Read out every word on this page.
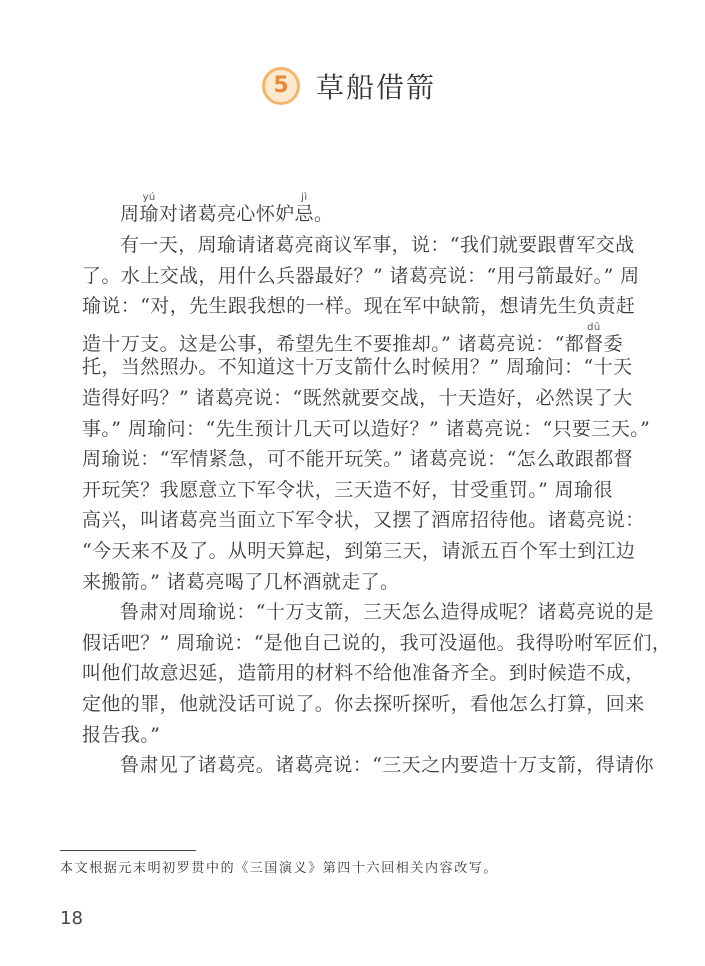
5 草船借箭
周瑜yú对诸葛亮心怀妒忌jì。
有一天，周瑜请诸葛亮商议军事，说：“我们就要跟曹军交战
了。水上交战，用什么兵器最好？” 诸葛亮说：“用弓箭最好。” 周
瑜说：“对，先生跟我想的一样。现在军中缺箭，想请先生负责赶
造十万支。这是公事，希望先生不要推却。” 诸葛亮说：“都督dū委
托，当然照办。不知道这十万支箭什么时候用？” 周瑜问：“十天
造得好吗？” 诸葛亮说：“既然就要交战，十天造好，必然误了大
事。” 周瑜问：“先生预计几天可以造好？” 诸葛亮说：“只要三天。”
周瑜说：“军情紧急，可不能开玩笑。” 诸葛亮说：“怎么敢跟都督
开玩笑？我愿意立下军令状，三天造不好，甘受重罚。” 周瑜很
高兴，叫诸葛亮当面立下军令状，又摆了酒席招待他。诸葛亮说：
“今天来不及了。从明天算起，到第三天，请派五百个军士到江边
来搬箭。” 诸葛亮喝了几杯酒就走了。
鲁肃对周瑜说：“十万支箭，三天怎么造得成呢？诸葛亮说的是
假话吧？” 周瑜说：“是他自己说的，我可没逼他。我得吩咐军匠们，
叫他们故意迟延，造箭用的材料不给他准备齐全。到时候造不成，
定他的罪，他就没话可说了。你去探听探听，看他怎么打算，回来
报告我。”
鲁肃见了诸葛亮。诸葛亮说：“三天之内要造十万支箭，得请你
本文根据元末明初罗贯中的《三国演义》第四十六回相关内容改写。
18
